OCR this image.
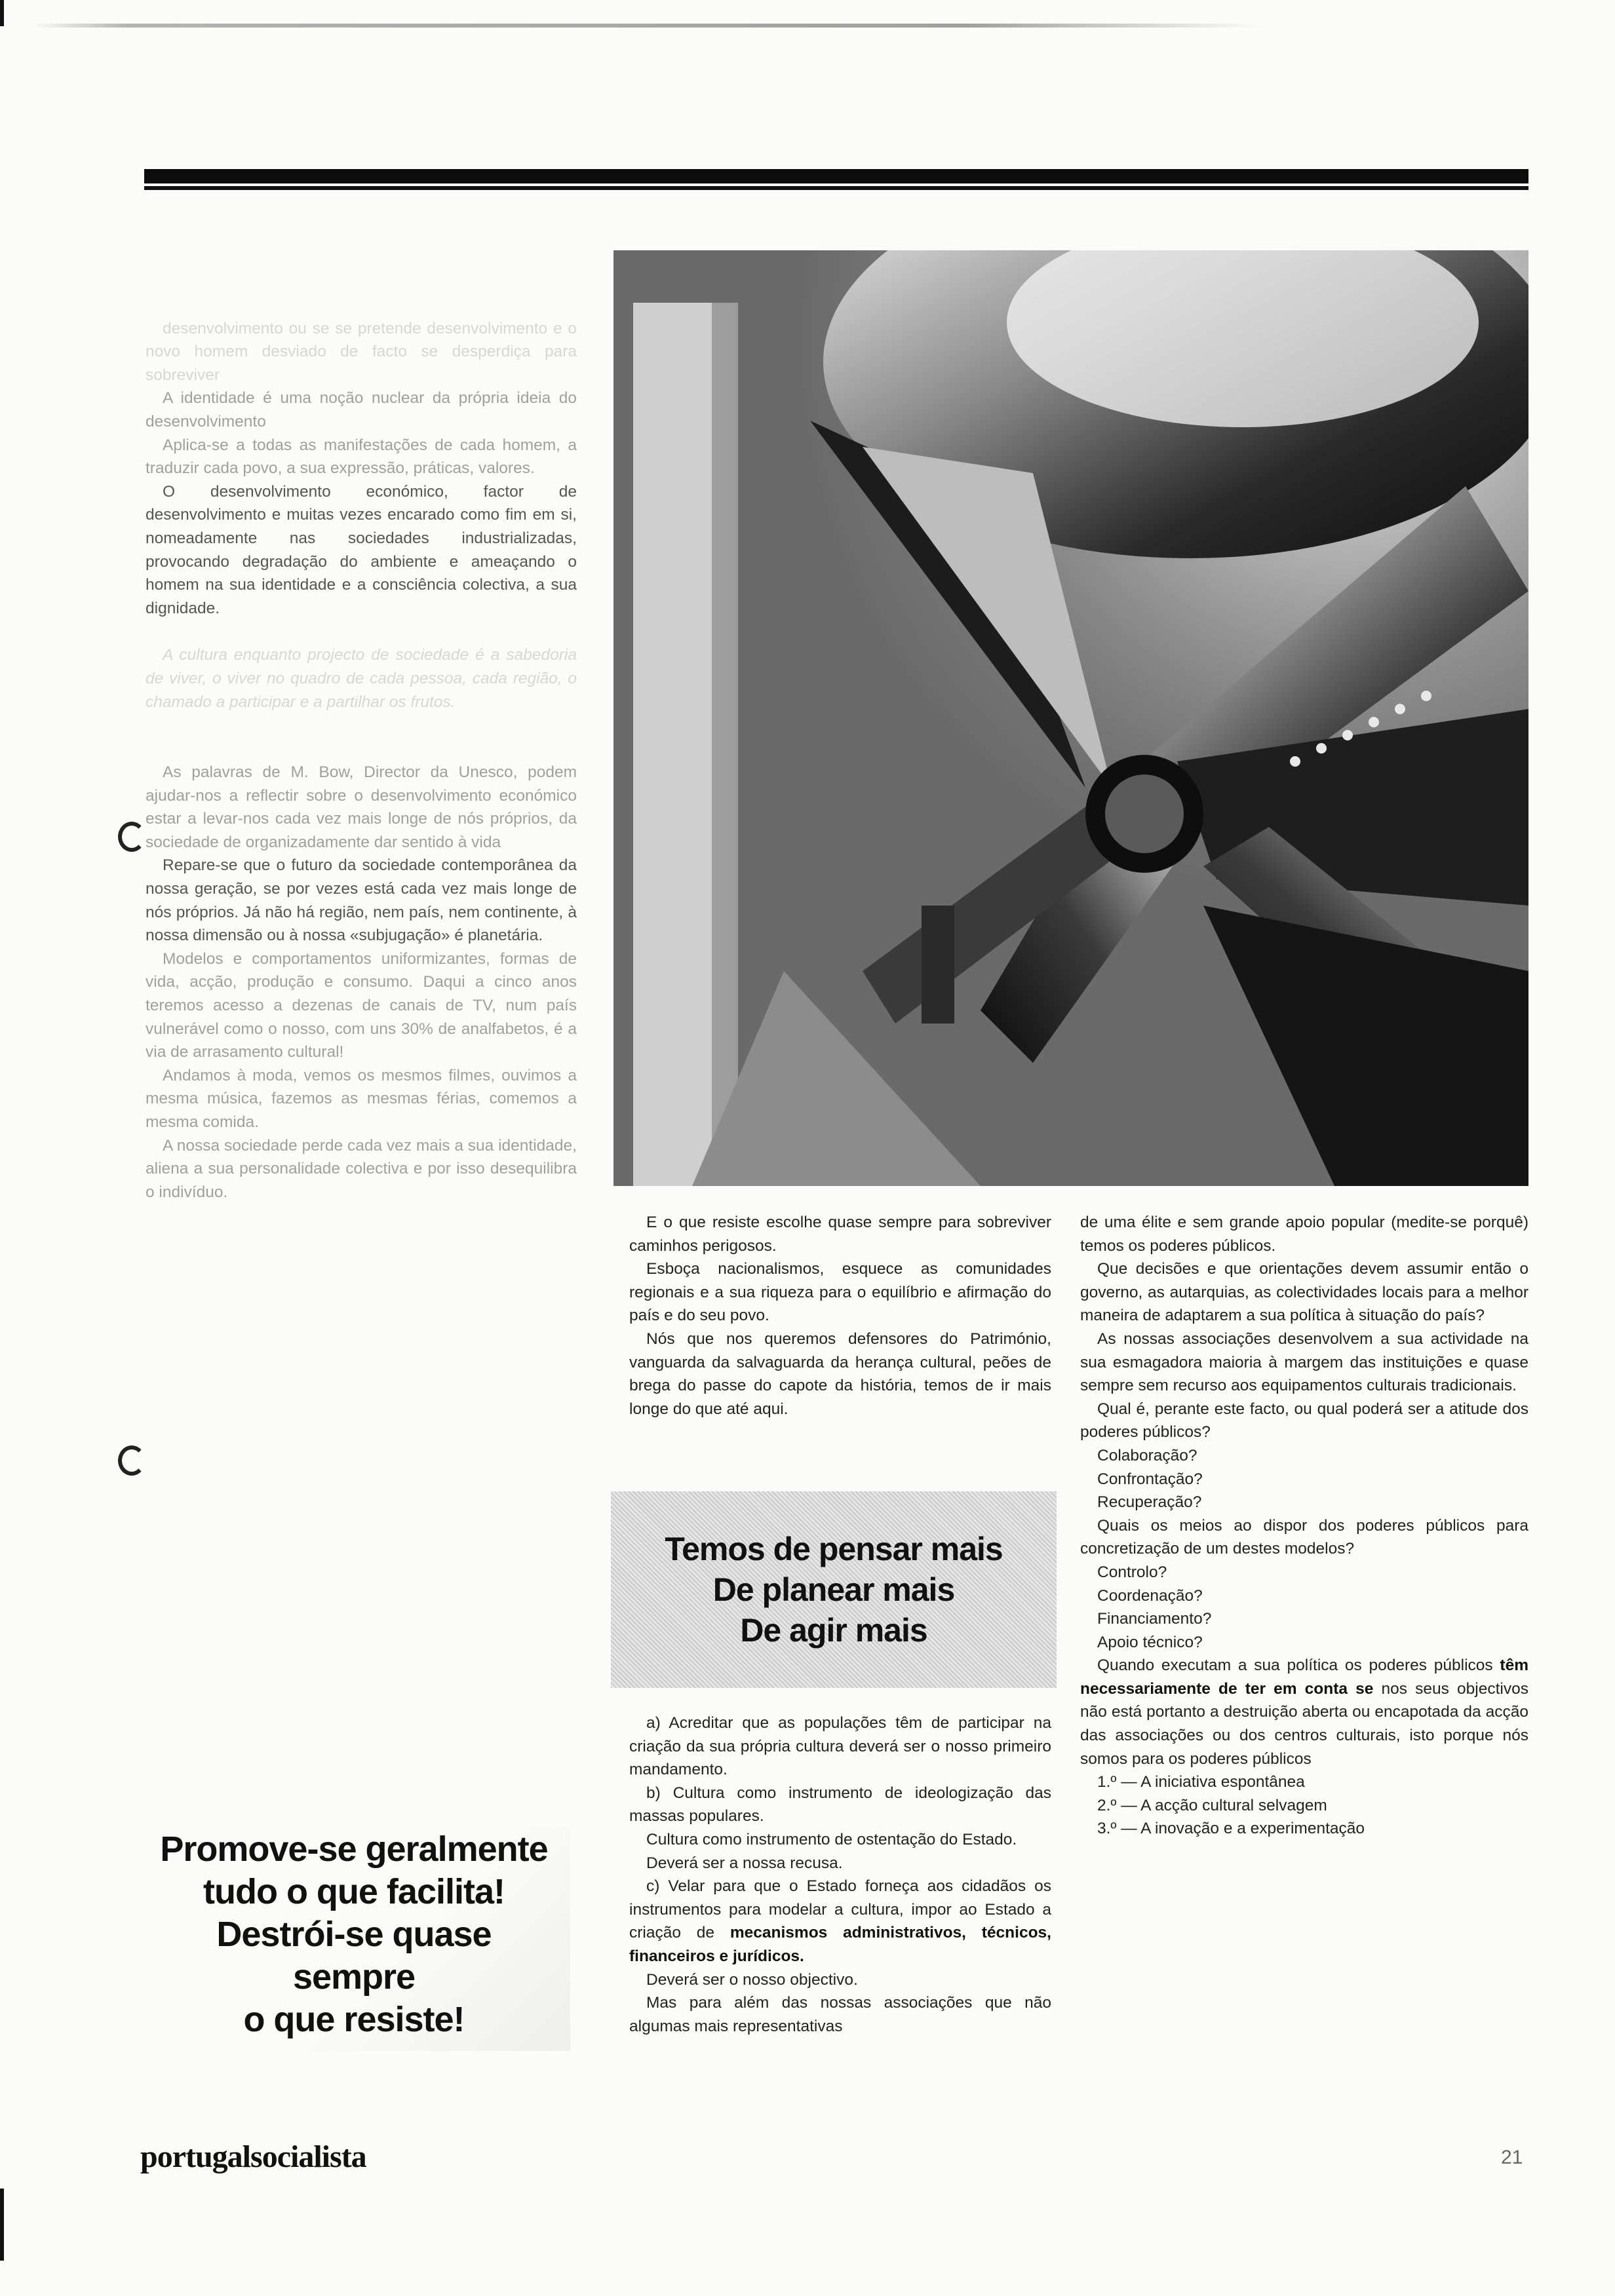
desenvolvimento ou se se pretende desenvolvimento e o novo homem desviado de facto se desperdiça para sobreviver

A identidade é uma noção nuclear da própria ideia do desenvolvimento

Aplica-se a todas as manifestações de cada homem, a traduzir cada povo, a sua expressão, práticas, valores.

O desenvolvimento económico, factor de desenvolvimento e muitas vezes encarado como fim em si, nomeadamente nas sociedades industrializadas, provocando degradação do ambiente e ameaçando o homem na sua identidade e a consciência colectiva, a sua dignidade.

A cultura enquanto projecto de sociedade é a sabedoria de viver, o viver no quadro de cada pessoa, cada região, o chamado a participar e a partilhar os frutos.

As palavras de M. Bow, Director da Unesco, podem ajudar-nos a reflectir sobre o desenvolvimento económico estar a levar-nos cada vez mais longe de nós próprios, da sociedade de organizadamente dar sentido à vida

Repare-se que o futuro da sociedade contemporânea da nossa geração, se por vezes está cada vez mais longe de nós próprios. Já não há região, nem país, nem continente, à nossa dimensão ou à nossa «subjugação» é planetária.

Modelos e comportamentos uniformizantes, formas de vida, acção, produção e consumo. Daqui a cinco anos teremos acesso a dezenas de canais de TV, num país vulnerável como o nosso, com uns 30% de analfabetos, é a via de arrasamento cultural!

Andamos à moda, vemos os mesmos filmes, ouvimos a mesma música, fazemos as mesmas férias, comemos a mesma comida.

A nossa sociedade perde cada vez mais a sua identidade, aliena a sua personalidade colectiva e por isso desequilibra o indivíduo.

Promove-se geralmente
tudo o que facilita!
Destrói-se quase
sempre
o que resiste!

E o que resiste escolhe quase sempre para sobreviver caminhos perigosos.

Esboça nacionalismos, esquece as comunidades regionais e a sua riqueza para o equilíbrio e afirmação do país e do seu povo.

Nós que nos queremos defensores do Património, vanguarda da salvaguarda da herança cultural, peões de brega do passe do capote da história, temos de ir mais longe do que até aqui.

Temos de pensar mais
De planear mais
De agir mais

a) Acreditar que as populações têm de participar na criação da sua própria cultura deverá ser o nosso primeiro mandamento.

b) Cultura como instrumento de ideologização das massas populares.

Cultura como instrumento de ostentação do Estado.

Deverá ser a nossa recusa.

c) Velar para que o Estado forneça aos cidadãos os instrumentos para modelar a cultura, impor ao Estado a criação de mecanismos administrativos, técnicos, financeiros e jurídicos.

Deverá ser o nosso objectivo.

Mas para além das nossas associações que não algumas mais representativas

de uma élite e sem grande apoio popular (medite-se porquê) temos os poderes públicos.

Que decisões e que orientações devem assumir então o governo, as autarquias, as colectividades locais para a melhor maneira de adaptarem a sua política à situação do país?

As nossas associações desenvolvem a sua actividade na sua esmagadora maioria à margem das instituições e quase sempre sem recurso aos equipamentos culturais tradicionais.

Qual é, perante este facto, ou qual poderá ser a atitude dos poderes públicos?

Colaboração?

Confrontação?

Recuperação?

Quais os meios ao dispor dos poderes públicos para concretização de um destes modelos?

Controlo?

Coordenação?

Financiamento?

Apoio técnico?

Quando executam a sua política os poderes públicos têm necessariamente de ter em conta se nos seus objectivos não está portanto a destruição aberta ou encapotada da acção das associações ou dos centros culturais, isto porque nós somos para os poderes públicos

1.º — A iniciativa espontânea

2.º — A acção cultural selvagem

3.º — A inovação e a experimentação

portugalsocialista	21
